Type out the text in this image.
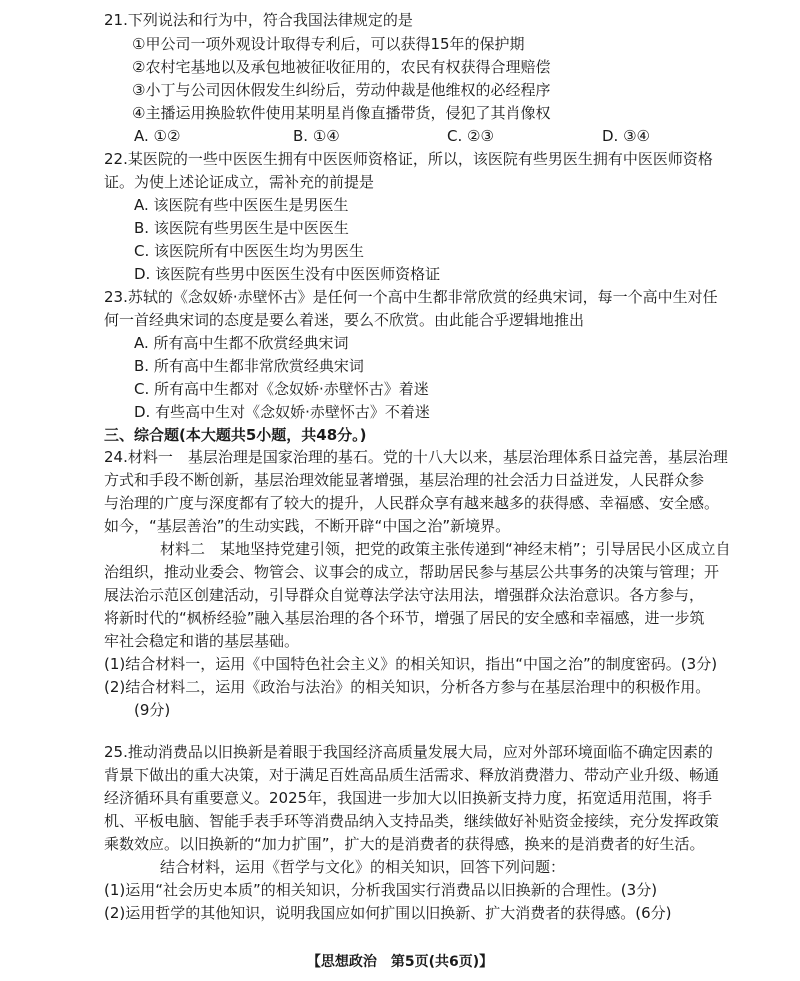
21.下列说法和行为中，符合我国法律规定的是
①甲公司一项外观设计取得专利后，可以获得15年的保护期
②农村宅基地以及承包地被征收征用的，农民有权获得合理赔偿
③小丁与公司因休假发生纠纷后，劳动仲裁是他维权的必经程序
④主播运用换脸软件使用某明星肖像直播带货，侵犯了其肖像权
A. ①②	B. ①④	C. ②③	D. ③④
22.某医院的一些中医医生拥有中医医师资格证，所以，该医院有些男医生拥有中医医师资格
证。为使上述论证成立，需补充的前提是
A. 该医院有些中医医生是男医生
B. 该医院有些男医生是中医医生
C. 该医院所有中医医生均为男医生
D. 该医院有些男中医医生没有中医医师资格证
23.苏轼的《念奴娇·赤壁怀古》是任何一个高中生都非常欣赏的经典宋词，每一个高中生对任
何一首经典宋词的态度是要么着迷，要么不欣赏。由此能合乎逻辑地推出
A. 所有高中生都不欣赏经典宋词
B. 所有高中生都非常欣赏经典宋词
C. 所有高中生都对《念奴娇·赤壁怀古》着迷
D. 有些高中生对《念奴娇·赤壁怀古》不着迷
三、综合题(本大题共5小题，共48分。)
24.材料一　基层治理是国家治理的基石。党的十八大以来，基层治理体系日益完善，基层治理
方式和手段不断创新，基层治理效能显著增强，基层治理的社会活力日益迸发，人民群众参
与治理的广度与深度都有了较大的提升，人民群众享有越来越多的获得感、幸福感、安全感。
如今，“基层善治”的生动实践，不断开辟“中国之治”新境界。
材料二　某地坚持党建引领，把党的政策主张传递到“神经末梢”；引导居民小区成立自
治组织，推动业委会、物管会、议事会的成立，帮助居民参与基层公共事务的决策与管理；开
展法治示范区创建活动，引导群众自觉尊法学法守法用法，增强群众法治意识。各方参与，
将新时代的“枫桥经验”融入基层治理的各个环节，增强了居民的安全感和幸福感，进一步筑
牢社会稳定和谐的基层基础。
(1)结合材料一，运用《中国特色社会主义》的相关知识，指出“中国之治”的制度密码。(3分)
(2)结合材料二，运用《政治与法治》的相关知识，分析各方参与在基层治理中的积极作用。
(9分)
25.推动消费品以旧换新是着眼于我国经济高质量发展大局，应对外部环境面临不确定因素的
背景下做出的重大决策，对于满足百姓高品质生活需求、释放消费潜力、带动产业升级、畅通
经济循环具有重要意义。2025年，我国进一步加大以旧换新支持力度，拓宽适用范围，将手
机、平板电脑、智能手表手环等消费品纳入支持品类，继续做好补贴资金接续，充分发挥政策
乘数效应。以旧换新的“加力扩围”，扩大的是消费者的获得感，换来的是消费者的好生活。
结合材料，运用《哲学与文化》的相关知识，回答下列问题：
(1)运用“社会历史本质”的相关知识，分析我国实行消费品以旧换新的合理性。(3分)
(2)运用哲学的其他知识，说明我国应如何扩围以旧换新、扩大消费者的获得感。(6分)
【思想政治　第5页(共6页)】
